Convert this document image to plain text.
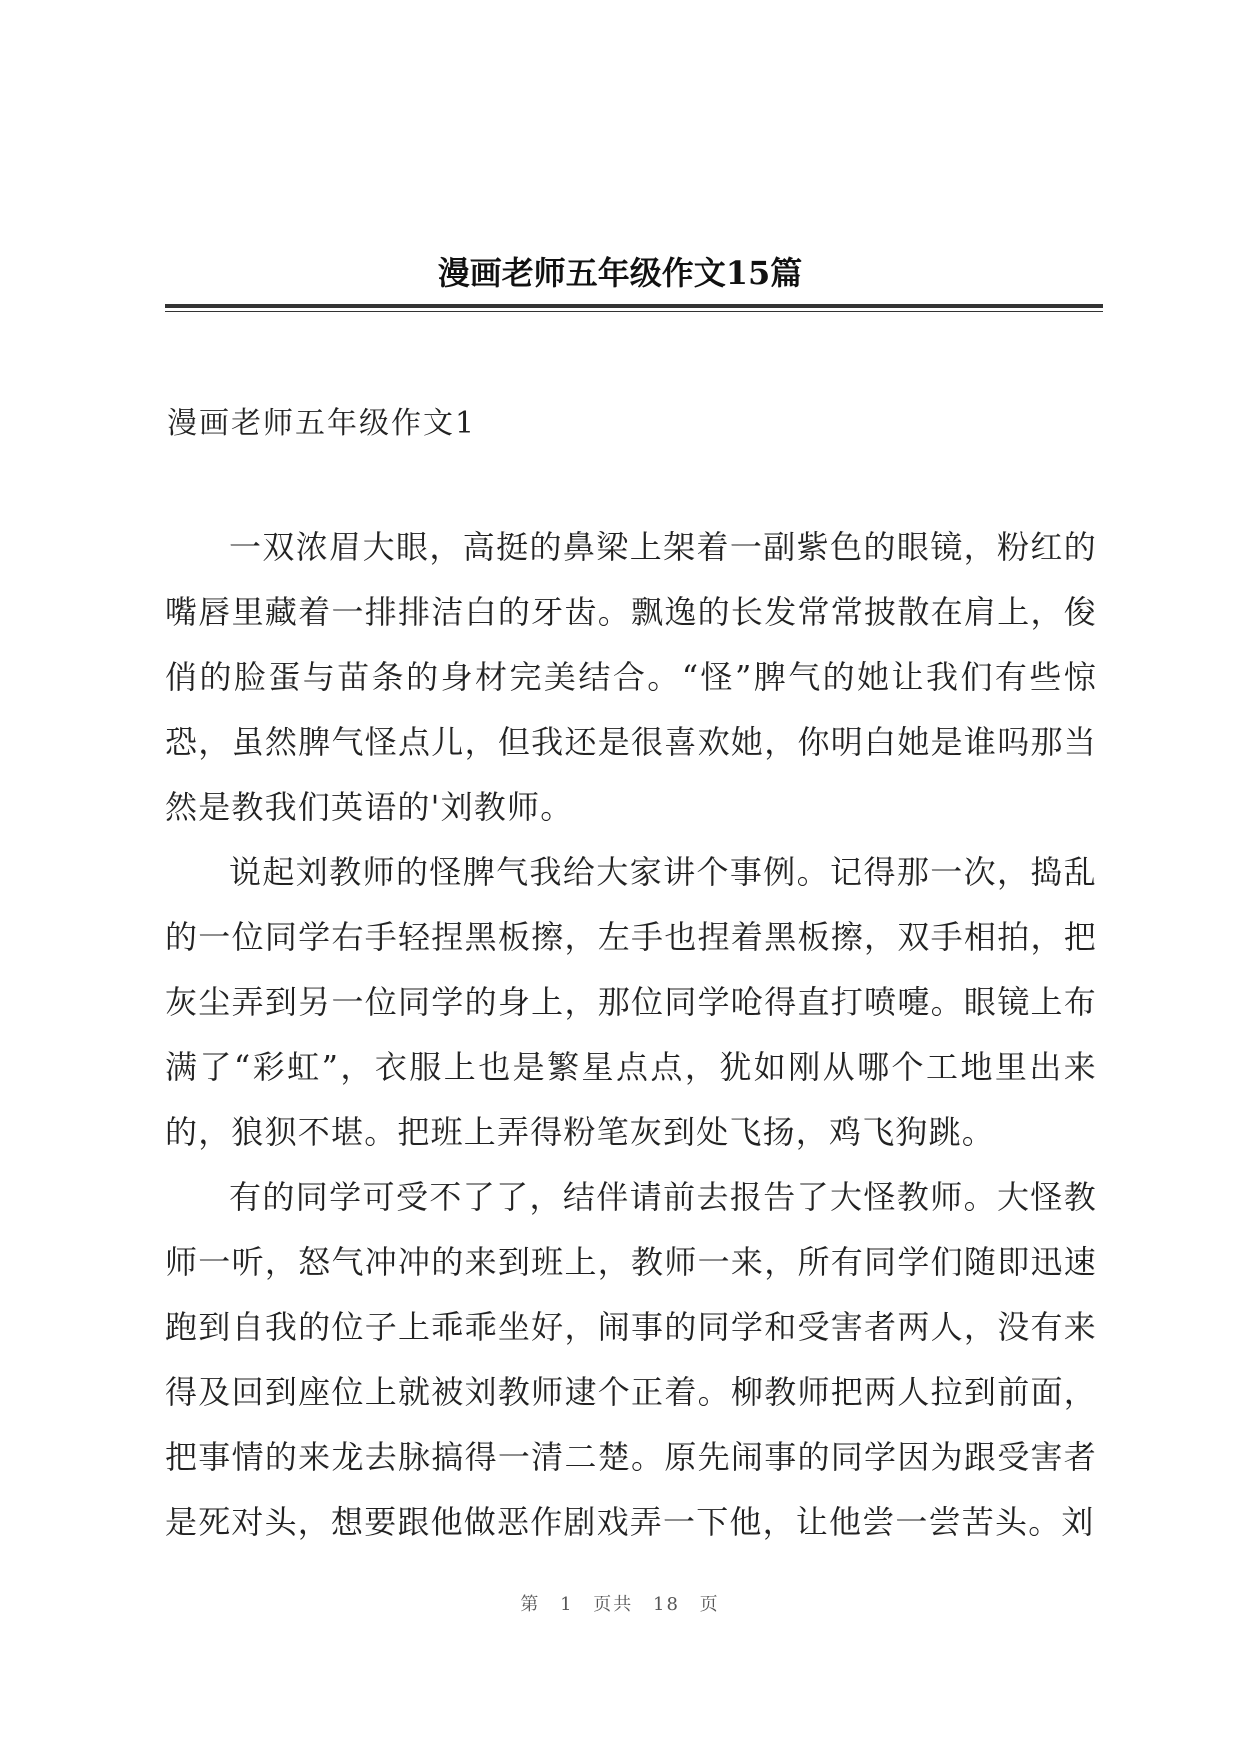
漫画老师五年级作文15篇
漫画老师五年级作文1

一双浓眉大眼，高挺的鼻梁上架着一副紫色的眼镜，粉红的嘴唇里藏着一排排洁白的牙齿。飘逸的长发常常披散在肩上，俊俏的脸蛋与苗条的身材完美结合。“怪”脾气的她让我们有些惊恐，虽然脾气怪点儿，但我还是很喜欢她，你明白她是谁吗那当然是教我们英语的'刘教师。

说起刘教师的怪脾气我给大家讲个事例。记得那一次，捣乱的一位同学右手轻捏黑板擦，左手也捏着黑板擦，双手相拍，把灰尘弄到另一位同学的身上，那位同学呛得直打喷嚏。眼镜上布满了“彩虹”，衣服上也是繁星点点，犹如刚从哪个工地里出来的，狼狈不堪。把班上弄得粉笔灰到处飞扬，鸡飞狗跳。

有的同学可受不了了，结伴请前去报告了大怪教师。大怪教师一听，怒气冲冲的来到班上，教师一来，所有同学们随即迅速跑到自我的位子上乖乖坐好，闹事的同学和受害者两人，没有来得及回到座位上就被刘教师逮个正着。柳教师把两人拉到前面，把事情的来龙去脉搞得一清二楚。原先闹事的同学因为跟受害者是死对头，想要跟他做恶作剧戏弄一下他，让他尝一尝苦头。刘

第 1 页共 18 页
